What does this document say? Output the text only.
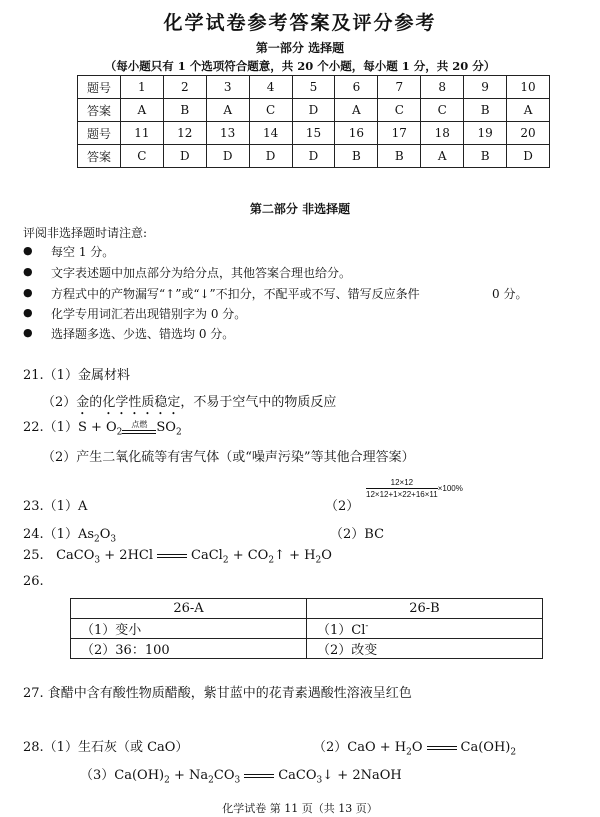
化学试卷参考答案及评分参考
第一部分 选择题
（每小题只有 1 个选项符合题意，共 20 个小题，每小题 1 分，共 20 分）
题号	1	2	3	4	5	6	7	8	9	10
答案	A	B	A	C	D	A	C	C	B	A
题号	11	12	13	14	15	16	17	18	19	20
答案	C	D	D	D	D	B	B	A	B	D
第二部分 非选择题
评阅非选择题时请注意:
● 每空 1 分。
● 文字表述题中加点部分为给分点，其他答案合理也给分。
● 方程式中的产物漏写“↑”或“↓”不扣分，不配平或不写、错写反应条件	0 分。
● 化学专用词汇若出现错别字为 0 分。
● 选择题多选、少选、错选均 0 分。
21.（1）金属材料
（2）金的化学性质稳定，不易于空气中的物质反应
$22.(1)S + O_2$
点燃 $SO_2$
（2）产生二氧化硫等有害气体（或“噪声污染”等其他合理答案）
23.（1）A	（2）
$\frac{12\times 12}{12\times 12+1\times 22+16\times 11} \times 100\%$
$24.(1)As_2O_3$	（2）BC
25. CaCO$_3$ + 2HCl	CaCl$_2$ + $CO_2↑ + H_2O$
26.
26-A	26-B
（1）变小	（1）Cl-
（2）36：100	（2）改变
27. 食醋中含有酸性物质醋酸，紫甘蓝中的花青素遇酸性溶液呈红色
28.（1）生石灰（或 CaO）	$(2)CaO + H_2O$	$Ca(OH)_2$
$(3)Ca(OH)_2 + Na_2CO_3$	CaCO$_3$↓ + 2NaOH
化学试卷 第 11 页（共 13 页）
